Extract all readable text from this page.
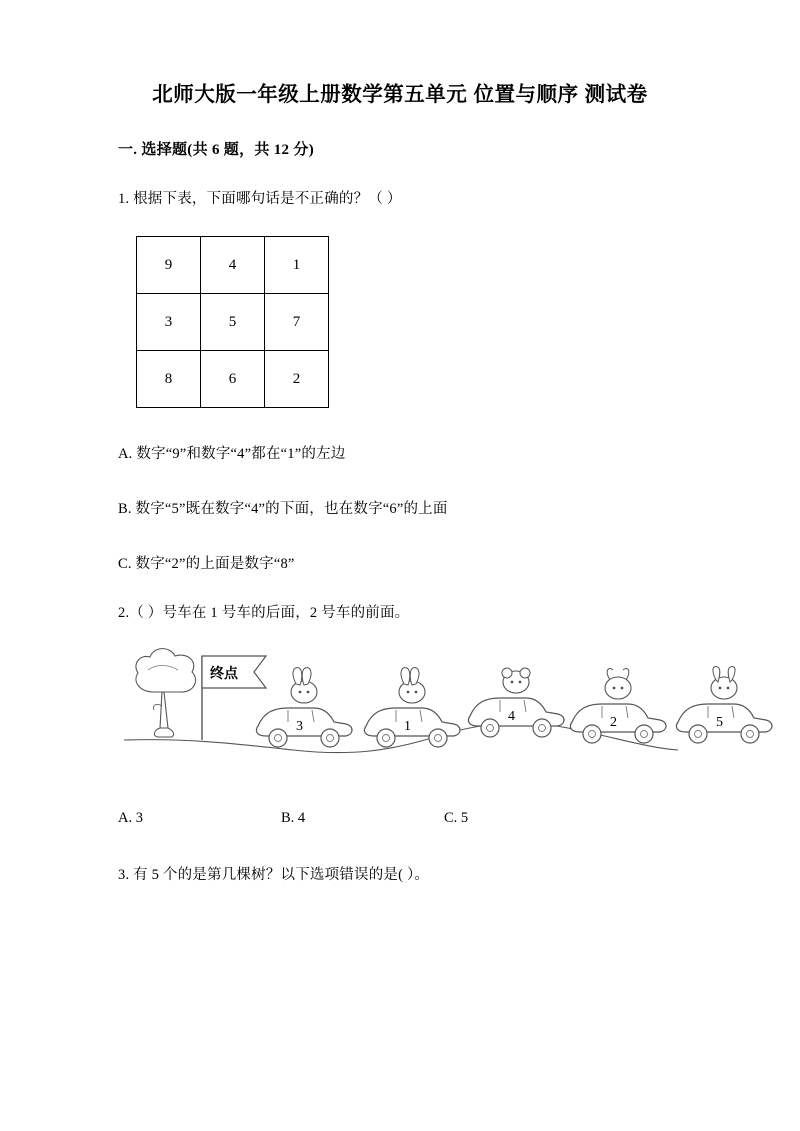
北师大版一年级上册数学第五单元 位置与顺序 测试卷
一. 选择题(共 6 题，共 12 分)
1. 根据下表，下面哪句话是不正确的？（ ）
9	4	1
3	5	7
8	6	2
A. 数字“9”和数字“4”都在“1”的左边
B. 数字“5”既在数字“4”的下面，也在数字“6”的上面
C. 数字“2”的上面是数字“8”
2.（ ）号车在 1 号车的后面，2 号车的前面。
3	1
4	2	5
终点
A. 3	B. 4	C. 5
3. 有 5 个的是第几棵树？以下选项错误的是( ）。
